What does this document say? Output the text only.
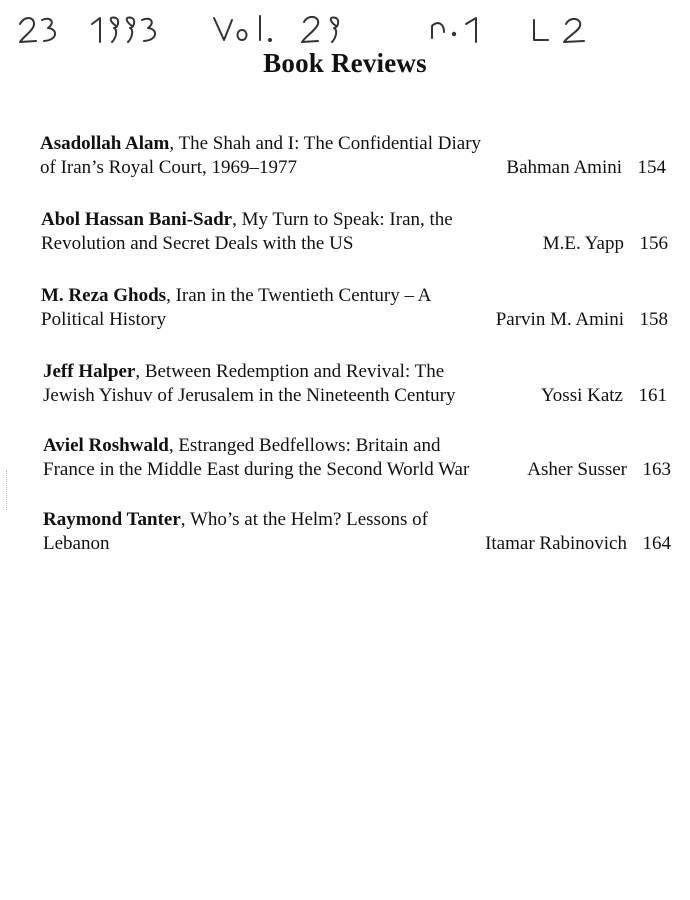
Book Reviews
Asadollah Alam, The Shah and I: The Confidential Diary of Iran’s Royal Court, 1969–1977	Bahman Amini 154
Abol Hassan Bani-Sadr, My Turn to Speak: Iran, the Revolution and Secret Deals with the US	M.E. Yapp 156
M. Reza Ghods, Iran in the Twentieth Century – A Political History	Parvin M. Amini 158
Jeff Halper, Between Redemption and Revival: The Jewish Yishuv of Jerusalem in the Nineteenth Century	Yossi Katz 161
Aviel Roshwald, Estranged Bedfellows: Britain and France in the Middle East during the Second World War	Asher Susser 163
Raymond Tanter, Who’s at the Helm? Lessons of Lebanon	Itamar Rabinovich 164
